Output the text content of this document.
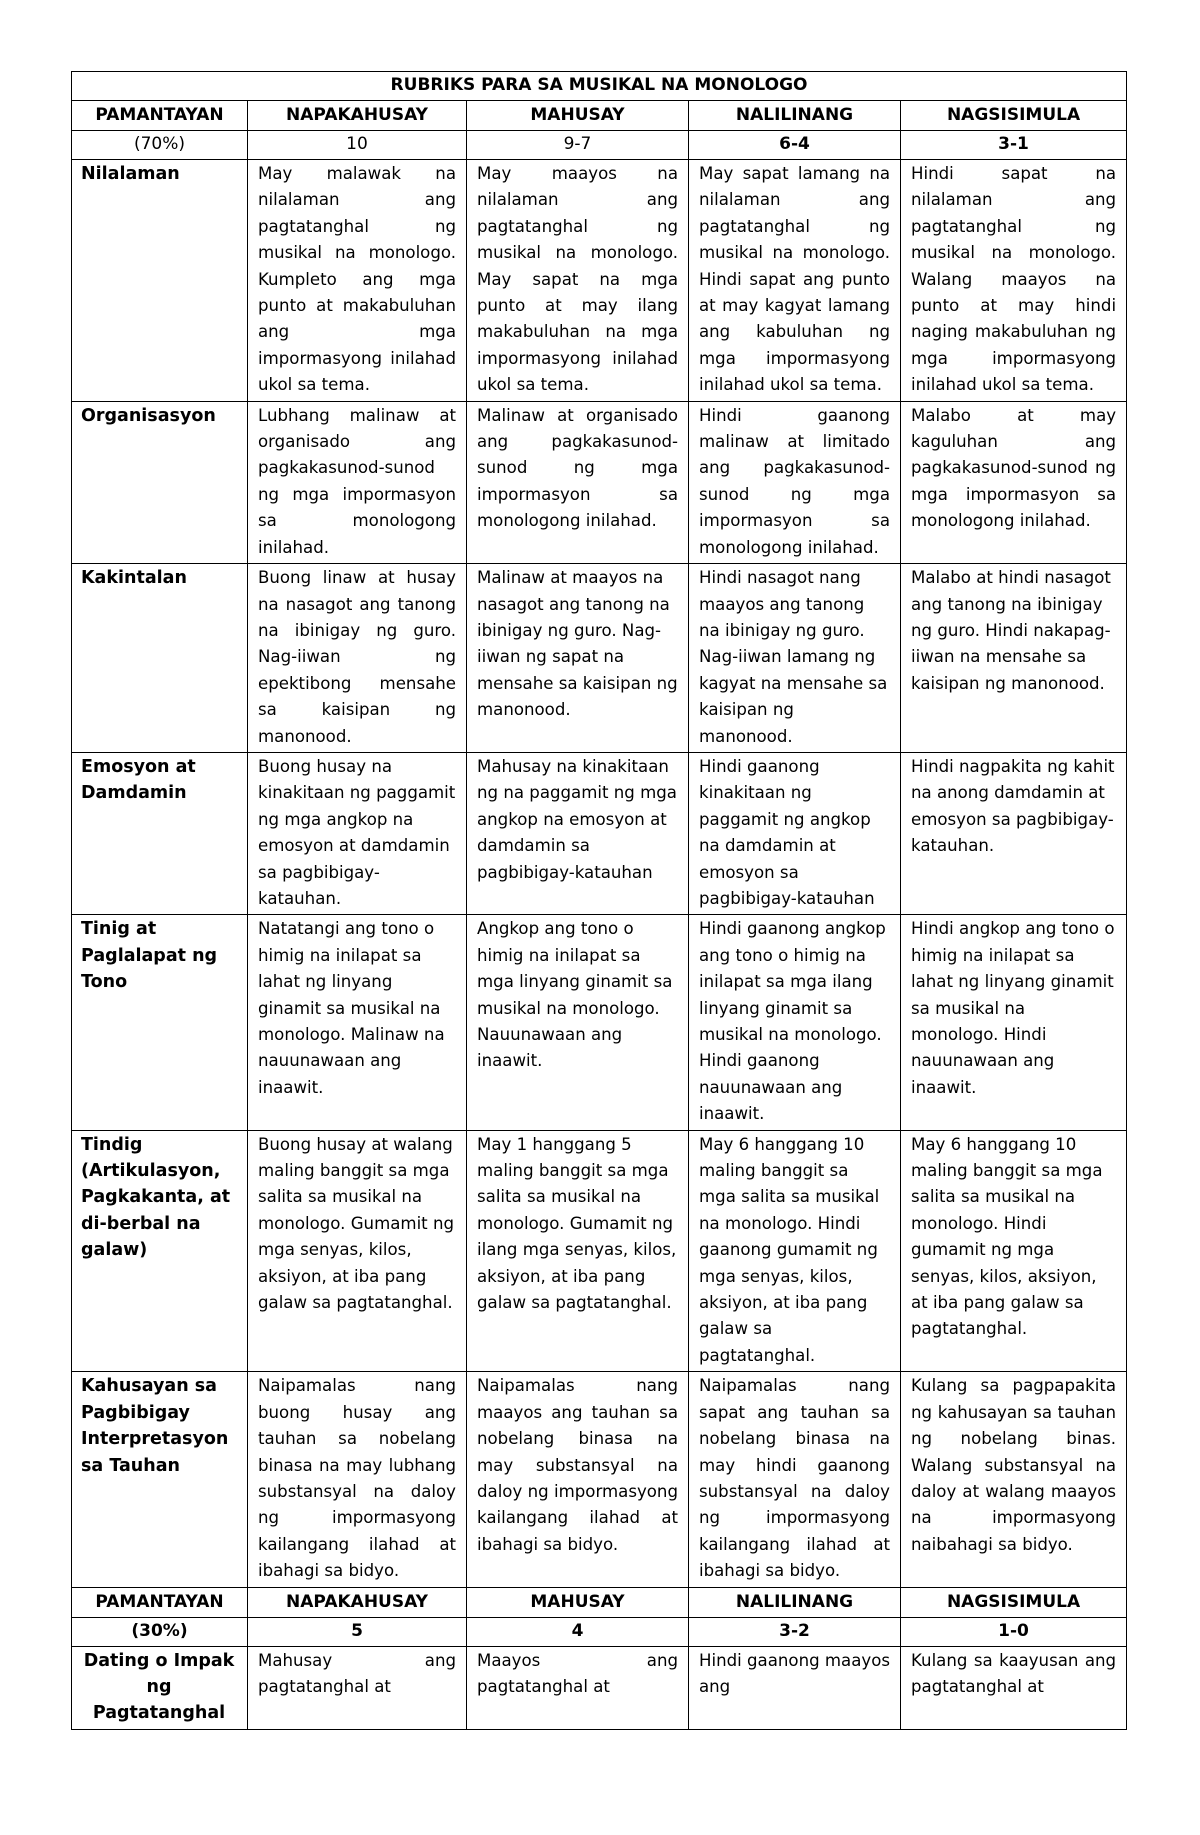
RUBRIKS PARA SA MUSIKAL NA MONOLOGO				
PAMANTAYAN	NAPAKAHUSAY	MAHUSAY	NALILINANG	NAGSISIMULA
(70%)	10	9-7	6-4	3-1
Nilalaman	May malawak na nilalaman ang pagtatanghal ng musikal na monologo. Kumpleto ang mga punto at makabuluhan ang mga impormasyong inilahad ukol sa tema.	May maayos na nilalaman ang pagtatanghal ng musikal na monologo. May sapat na mga punto at may ilang makabuluhan na mga impormasyong inilahad ukol sa tema.	May sapat lamang na nilalaman ang pagtatanghal ng musikal na monologo. Hindi sapat ang punto at may kagyat lamang ang kabuluhan ng mga impormasyong inilahad ukol sa tema.	Hindi sapat na nilalaman ang pagtatanghal ng musikal na monologo. Walang maayos na punto at may hindi naging makabuluhan ng mga impormasyong inilahad ukol sa tema.
Organisasyon	Lubhang malinaw at organisado ang pagkakasunod-sunod ng mga impormasyon sa monologong inilahad.	Malinaw at organisado ang pagkakasunod-sunod ng mga impormasyon sa monologong inilahad.	Hindi gaanong malinaw at limitado ang pagkakasunod-sunod ng mga impormasyon sa monologong inilahad.	Malabo at may kaguluhan ang pagkakasunod-sunod ng mga impormasyon sa monologong inilahad.
Kakintalan	Buong linaw at husay na nasagot ang tanong na ibinigay ng guro. Nag-iiwan ng epektibong mensahe sa kaisipan ng manonood.	Malinaw at maayos na nasagot ang tanong na ibinigay ng guro. Nag-iiwan ng sapat na mensahe sa kaisipan ng manonood.	Hindi nasagot nang maayos ang tanong na ibinigay ng guro. Nag-iiwan lamang ng kagyat na mensahe sa kaisipan ng manonood.	Malabo at hindi nasagot ang tanong na ibinigay ng guro. Hindi nakapag-iiwan na mensahe sa kaisipan ng manonood.
Emosyon at Damdamin	Buong husay na kinakitaan ng paggamit ng mga angkop na emosyon at damdamin sa pagbibigay-katauhan.	Mahusay na kinakitaan ng na paggamit ng mga angkop na emosyon at damdamin sa pagbibigay-katauhan	Hindi gaanong kinakitaan ng paggamit ng angkop na damdamin at emosyon sa pagbibigay-katauhan	Hindi nagpakita ng kahit na anong damdamin at emosyon sa pagbibigay-katauhan.
Tinig at Paglalapat ng Tono	Natatangi ang tono o himig na inilapat sa lahat ng linyang ginamit sa musikal na monologo. Malinaw na nauunawaan ang inaawit.	Angkop ang tono o himig na inilapat sa mga linyang ginamit sa musikal na monologo. Nauunawaan ang inaawit.	Hindi gaanong angkop ang tono o himig na inilapat sa mga ilang linyang ginamit sa musikal na monologo. Hindi gaanong nauunawaan ang inaawit.	Hindi angkop ang tono o himig na inilapat sa lahat ng linyang ginamit sa musikal na monologo. Hindi nauunawaan ang inaawit.
Tindig (Artikulasyon, Pagkakanta, at di-berbal na galaw)	Buong husay at walang maling banggit sa mga salita sa musikal na monologo. Gumamit ng mga senyas, kilos, aksiyon, at iba pang galaw sa pagtatanghal.	May 1 hanggang 5 maling banggit sa mga salita sa musikal na monologo. Gumamit ng ilang mga senyas, kilos, aksiyon, at iba pang galaw sa pagtatanghal.	May 6 hanggang 10 maling banggit sa mga salita sa musikal na monologo. Hindi gaanong gumamit ng mga senyas, kilos, aksiyon, at iba pang galaw sa pagtatanghal.	May 6 hanggang 10 maling banggit sa mga salita sa musikal na monologo. Hindi gumamit ng mga senyas, kilos, aksiyon, at iba pang galaw sa pagtatanghal.
Kahusayan sa Pagbibigay Interpretasyon sa Tauhan	Naipamalas nang buong husay ang tauhan sa nobelang binasa na may lubhang substansyal na daloy ng impormasyong kailangang ilahad at ibahagi sa bidyo.	Naipamalas nang maayos ang tauhan sa nobelang binasa na may substansyal na daloy ng impormasyong kailangang ilahad at ibahagi sa bidyo.	Naipamalas nang sapat ang tauhan sa nobelang binasa na may hindi gaanong substansyal na daloy ng impormasyong kailangang ilahad at ibahagi sa bidyo.	Kulang sa pagpapakita ng kahusayan sa tauhan ng nobelang binas. Walang substansyal na daloy at walang maayos na impormasyong naibahagi sa bidyo.
PAMANTAYAN	NAPAKAHUSAY	MAHUSAY	NALILINANG	NAGSISIMULA
(30%)	5	4	3-2	1-0
Dating o Impak ng Pagtatanghal	Mahusay ang pagtatanghal at	Maayos ang pagtatanghal at	Hindi gaanong maayos ang	Kulang sa kaayusan ang pagtatanghal at
